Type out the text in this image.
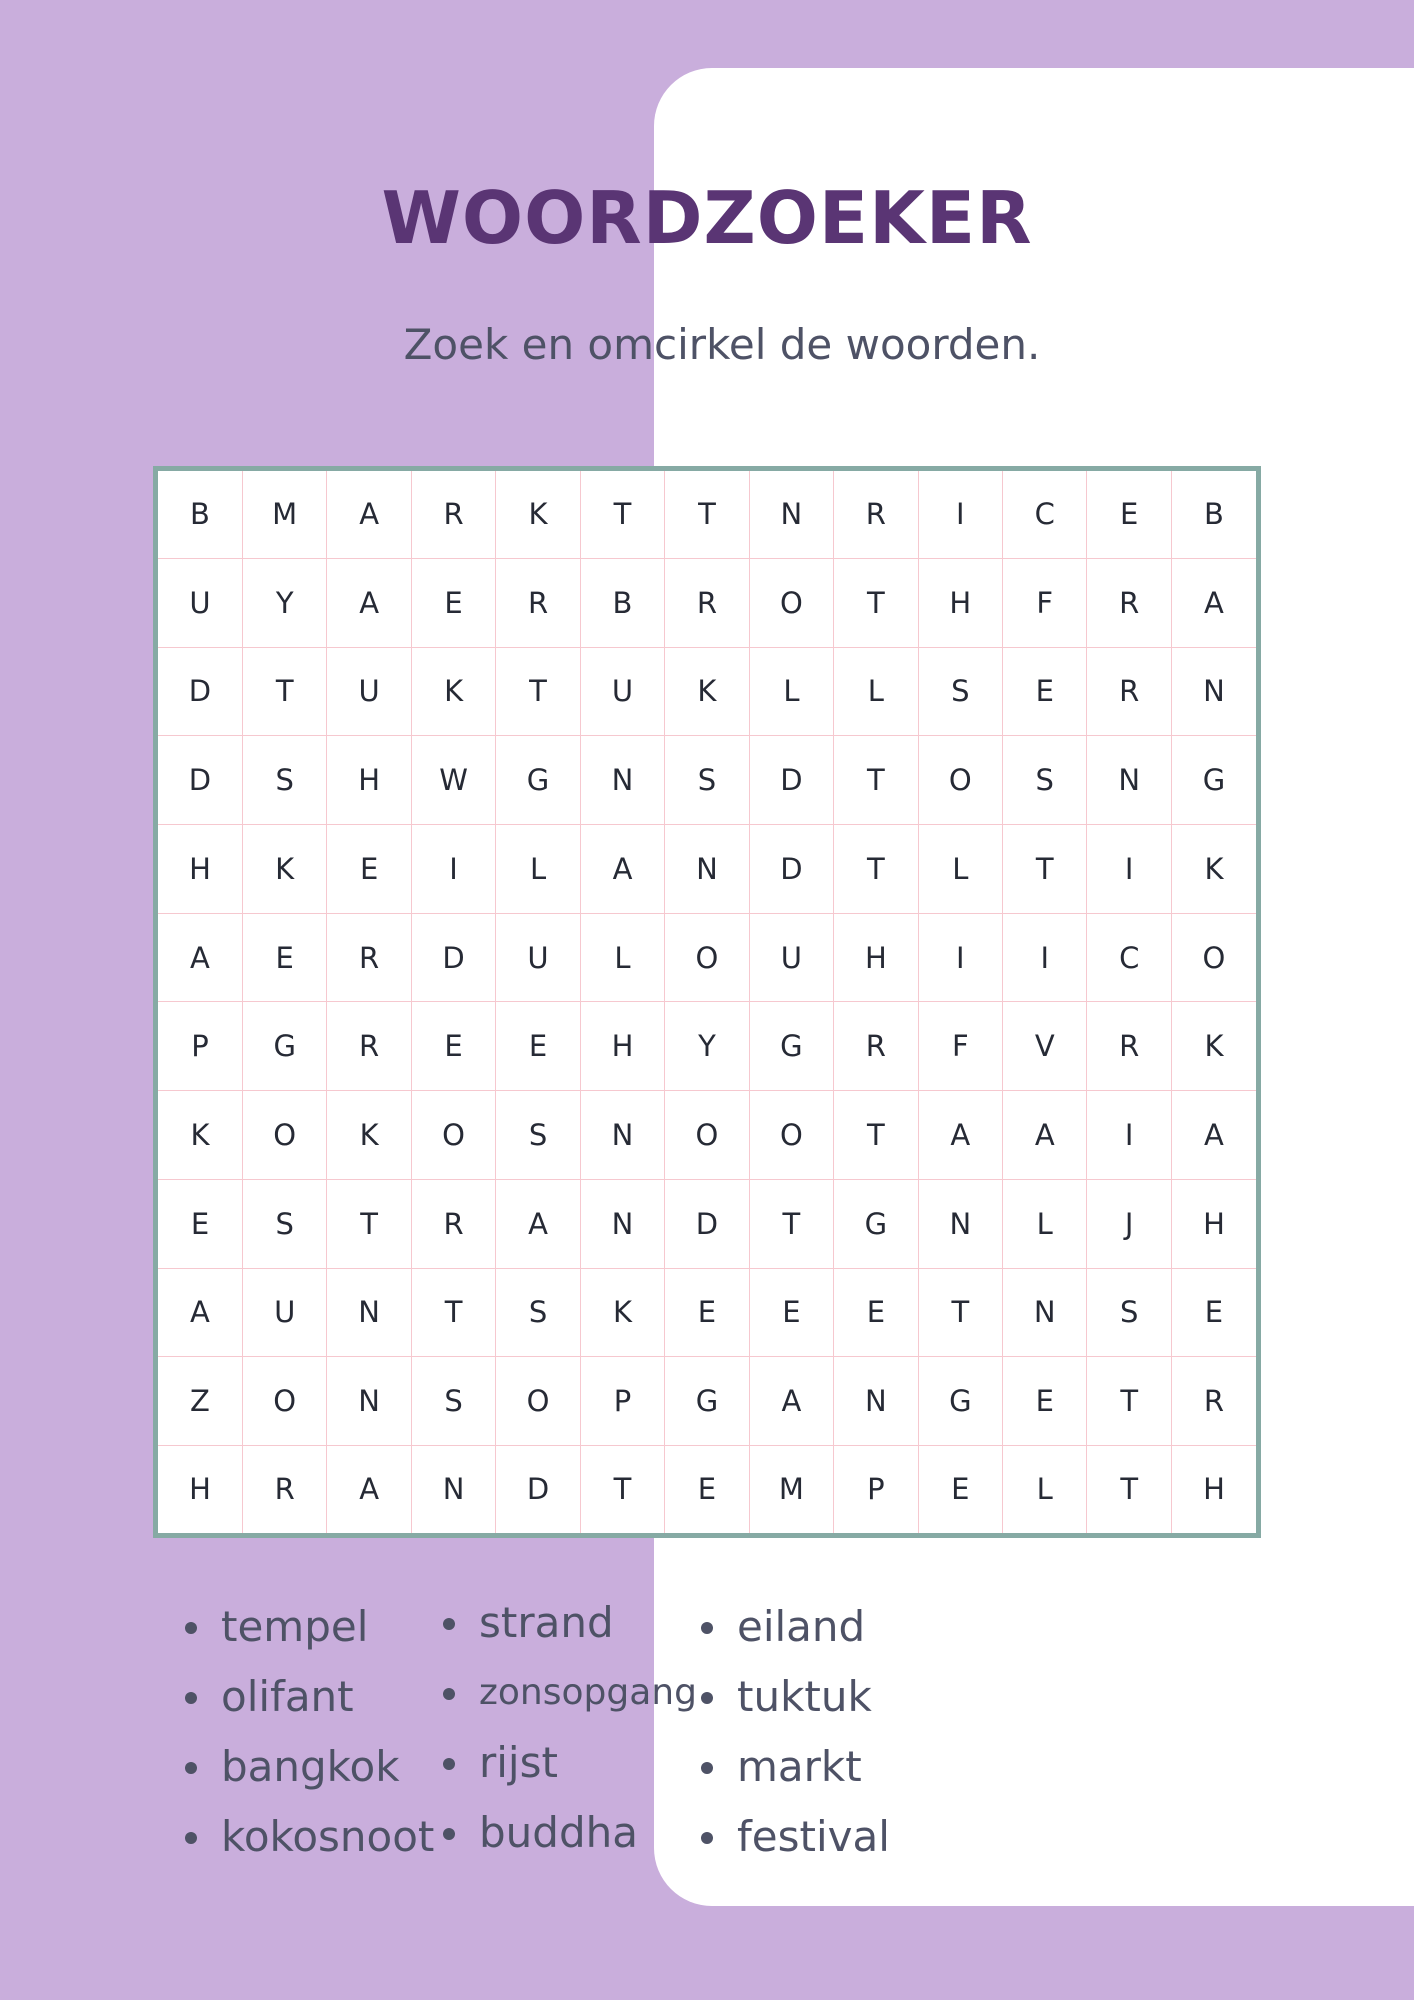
WOORDZOEKER

Zoek en omcirkel de woorden.

B	M	A	R	K	T	T	N	R	I	C	E	B
U	Y	A	E	R	B	R	O	T	H	F	R	A
D	T	U	K	T	U	K	L	L	S	E	R	N
D	S	H	W	G	N	S	D	T	O	S	N	G
H	K	E	I	L	A	N	D	T	L	T	I	K
A	E	R	D	U	L	O	U	H	I	I	C	O
P	G	R	E	E	H	Y	G	R	F	V	R	K
K	O	K	O	S	N	O	O	T	A	A	I	A
E	S	T	R	A	N	D	T	G	N	L	J	H
A	U	N	T	S	K	E	E	E	T	N	S	E
Z	O	N	S	O	P	G	A	N	G	E	T	R
H	R	A	N	D	T	E	M	P	E	L	T	H
tempel
olifant
bangkok
kokosnoot
strand
zonsopgang
rijst
buddha
eiland
tuktuk
markt
festival
